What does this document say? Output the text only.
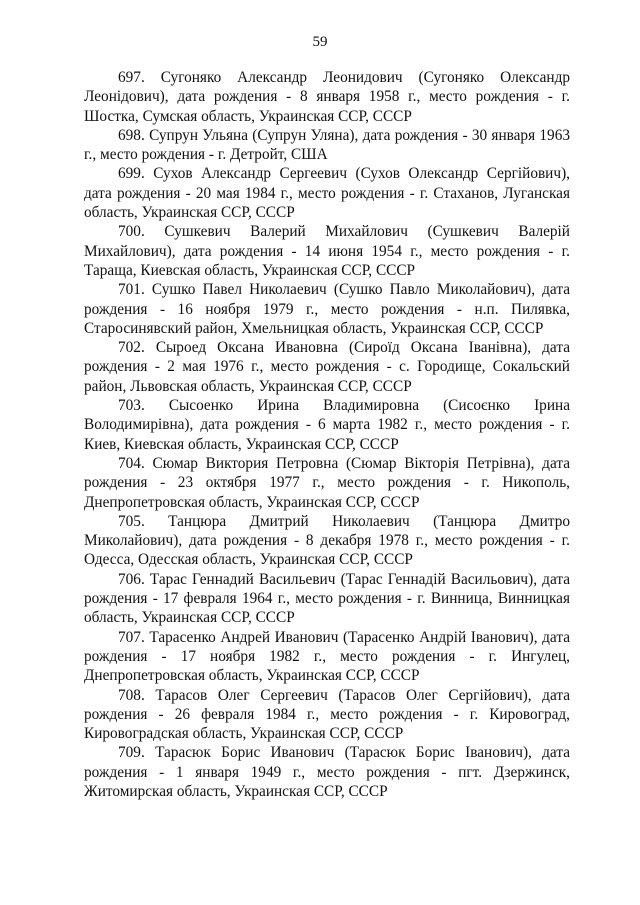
59

697. Сугоняко Александр Леонидович (Сугоняко Олександр Леонідович), дата рождения - 8 января 1958 г., место рождения - г. Шостка, Сумская область, Украинская ССР, СССР

698. Супрун Ульяна (Супрун Уляна), дата рождения - 30 января 1963 г., место рождения - г. Детройт, США

699. Сухов Александр Сергеевич (Сухов Олександр Сергійович), дата рождения - 20 мая 1984 г., место рождения - г. Стаханов, Луганская область, Украинская ССР, СССР

700. Сушкевич Валерий Михайлович (Сушкевич Валерій Михайлович), дата рождения - 14 июня 1954 г., место рождения - г. Тараща, Киевская область, Украинская ССР, СССР

701. Сушко Павел Николаевич (Сушко Павло Миколайович), дата рождения - 16 ноября 1979 г., место рождения - н.п. Пилявка, Старосинявский район, Хмельницкая область, Украинская ССР, СССР

702. Сыроед Оксана Ивановна (Сироїд Оксана Іванівна), дата рождения - 2 мая 1976 г., место рождения - с. Городище, Сокальский район, Львовская область, Украинская ССР, СССР

703. Сысоенко Ирина Владимировна (Сисоєнко Ірина Володимирівна), дата рождения - 6 марта 1982 г., место рождения - г. Киев, Киевская область, Украинская ССР, СССР

704. Сюмар Виктория Петровна (Сюмар Вікторія Петрівна), дата рождения - 23 октября 1977 г., место рождения - г. Никополь, Днепропетровская область, Украинская ССР, СССР

705. Танцюра Дмитрий Николаевич (Танцюра Дмитро Миколайович), дата рождения - 8 декабря 1978 г., место рождения - г. Одесса, Одесская область, Украинская ССР, СССР

706. Тарас Геннадий Васильевич (Тарас Геннадій Васильович), дата рождения - 17 февраля 1964 г., место рождения - г. Винница, Винницкая область, Украинская ССР, СССР

707. Тарасенко Андрей Иванович (Тарасенко Андрій Іванович), дата рождения - 17 ноября 1982 г., место рождения - г. Ингулец, Днепропетровская область, Украинская ССР, СССР

708. Тарасов Олег Сергеевич (Тарасов Олег Сергійович), дата рождения - 26 февраля 1984 г., место рождения - г. Кировоград, Кировоградская область, Украинская ССР, СССР

709. Тарасюк Борис Иванович (Тарасюк Борис Іванович), дата рождения - 1 января 1949 г., место рождения - пгт. Дзержинск, Житомирская область, Украинская ССР, СССР
